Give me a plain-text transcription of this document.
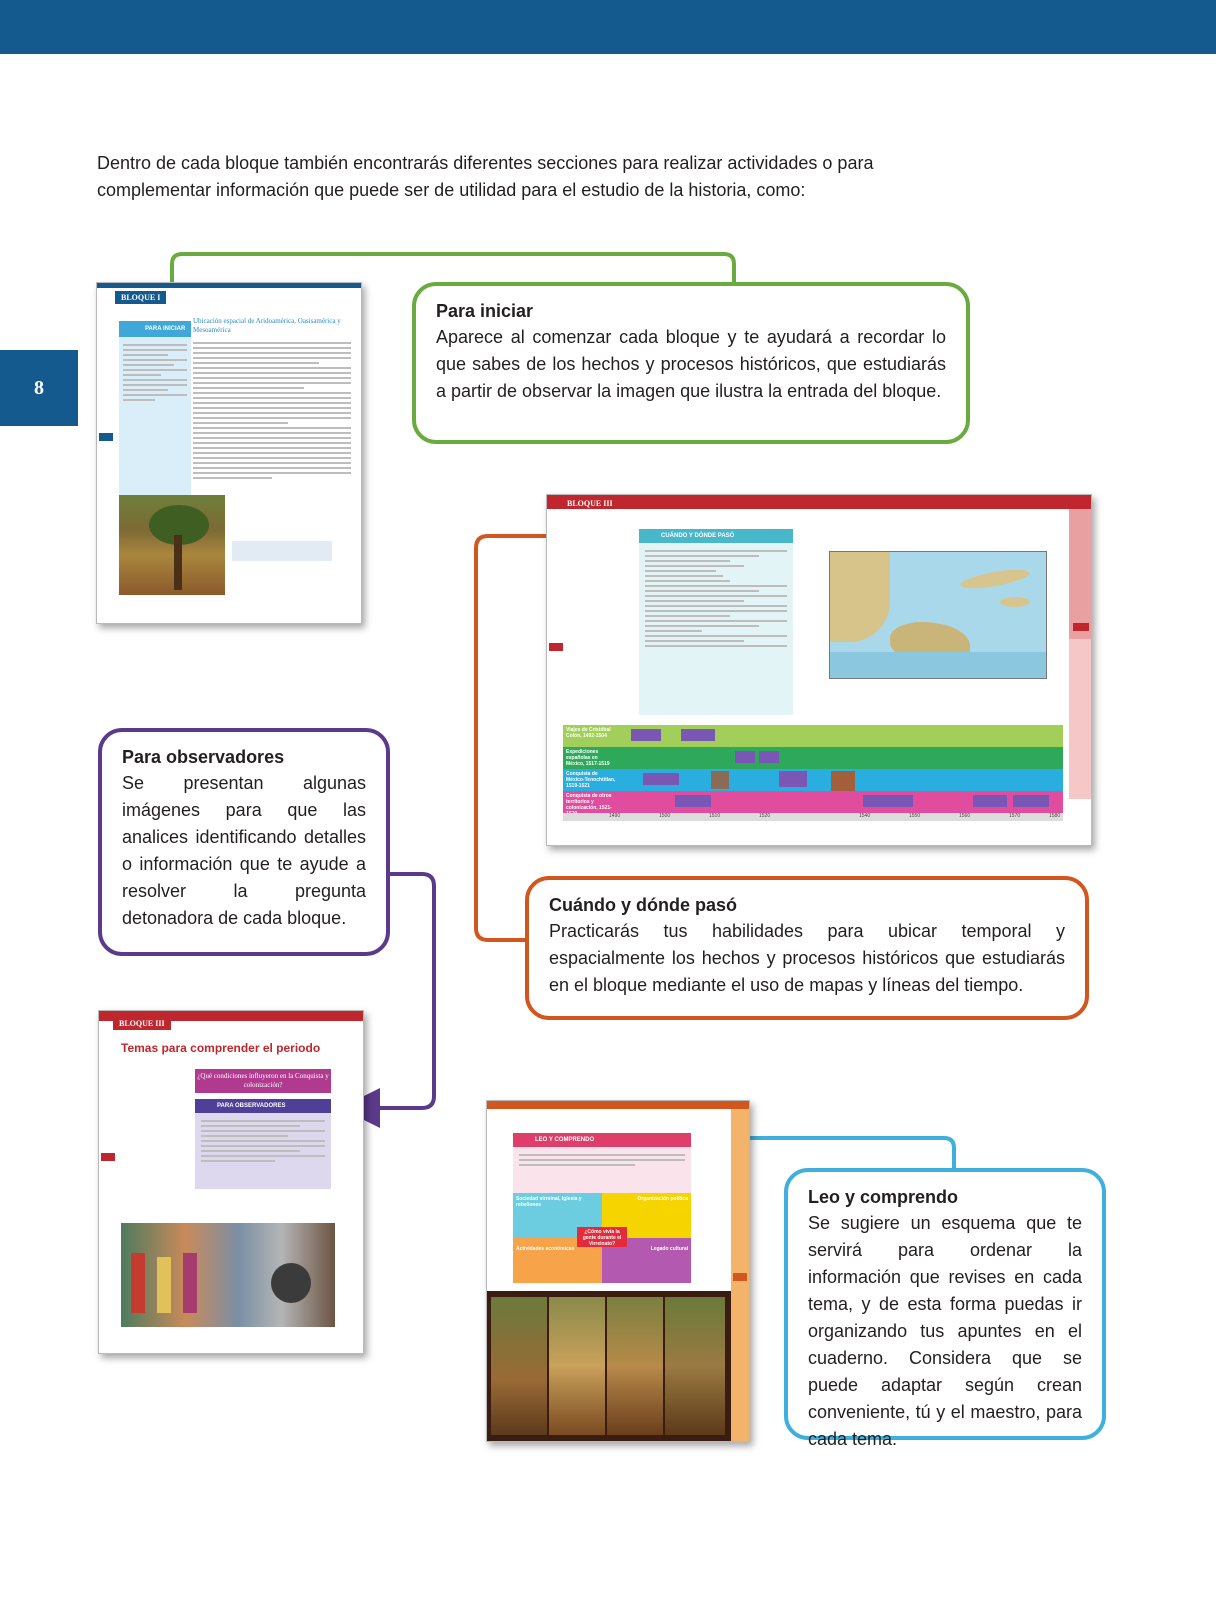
8
Dentro de cada bloque también encontrarás diferentes secciones para realizar actividades o para
complementar información que puede ser de utilidad para el estudio de la historia, como:
BLOQUE I
PARA INICIAR
Ubicación espacial de Aridoamérica, Oasisamérica y Mesoamérica
Para iniciar

Aparece al comenzar cada bloque y te ayudará a recordar lo que sabes de los hechos y procesos históricos, que estudiarás a partir de observar la imagen que ilustra la entrada del bloque.

BLOQUE III
CUÁNDO Y DÓNDE PASÓ
Viajes de Cristóbal Colón, 1492-1504
Expediciones españolas en México, 1517-1519
Conquista de México-Tenochtitlan, 1519-1521
Conquista de otros territorios y colonización, 1521-
1490	1500	1510	1520	1540	1550	1560	1570	1580
Para observadores

Se presentan algunas imágenes para que las analices identificando detalles o información que te ayude a resolver la pregunta detonadora de cada bloque.

Cuándo y dónde pasó

Practicarás tus habilidades para ubicar temporal y espacialmente los hechos y procesos históricos que estudiarás en el bloque mediante el uso de mapas y líneas del tiempo.

BLOQUE III
Temas para comprender el periodo
¿Qué condiciones influyeron en la Conquista y colonización?
PARA OBSERVADORES
LEO Y COMPRENDO
Sociedad virreinal, Iglesia y rebeliones
Organización política
Actividades económicas	Legado cultural
¿Cómo vivía la gente durante el Virreinato?
Leo y comprendo

Se sugiere un esquema que te servirá para ordenar la información que revises en cada tema, y de esta forma puedas ir organizando tus apuntes en el cuaderno. Considera que se puede adaptar según crean conveniente, tú y el maestro, para cada tema.
